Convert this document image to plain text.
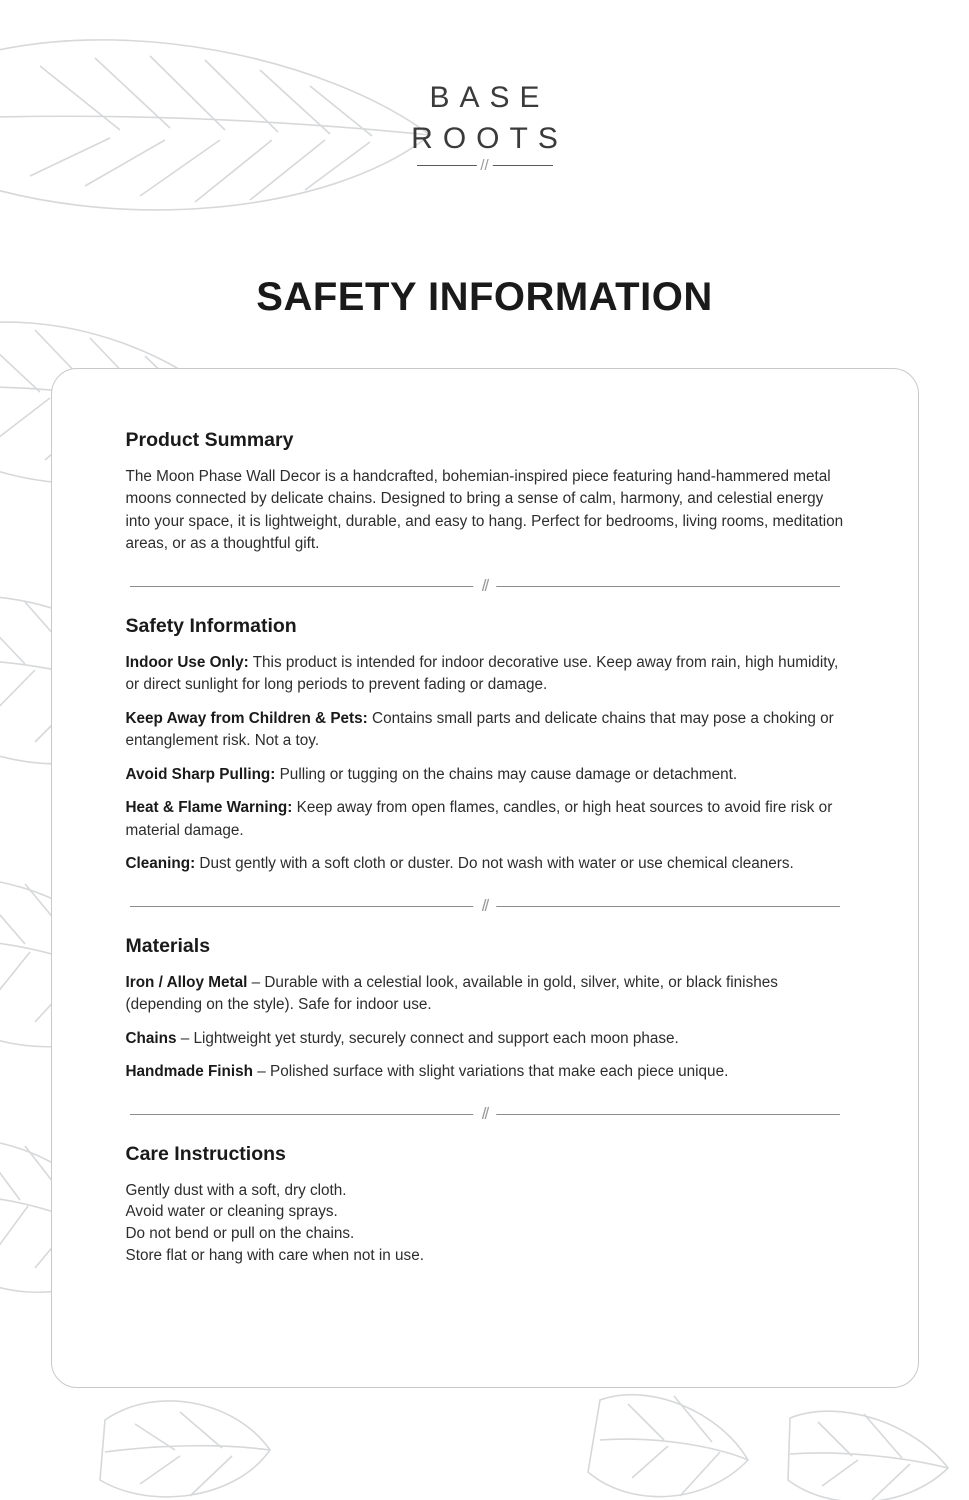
BASE
ROOTS
//
SAFETY INFORMATION
Product Summary

The Moon Phase Wall Decor is a handcrafted, bohemian-inspired piece featuring hand-hammered metal moons connected by delicate chains. Designed to bring a sense of calm, harmony, and celestial energy into your space, it is lightweight, durable, and easy to hang. Perfect for bedrooms, living rooms, meditation areas, or as a thoughtful gift.

//
Safety Information

Indoor Use Only: This product is intended for indoor decorative use. Keep away from rain, high humidity, or direct sunlight for long periods to prevent fading or damage.

Keep Away from Children & Pets: Contains small parts and delicate chains that may pose a choking or entanglement risk. Not a toy.

Avoid Sharp Pulling: Pulling or tugging on the chains may cause damage or detachment.

Heat & Flame Warning: Keep away from open flames, candles, or high heat sources to avoid fire risk or material damage.

Cleaning: Dust gently with a soft cloth or duster. Do not wash with water or use chemical cleaners.

//
Materials

Iron / Alloy Metal – Durable with a celestial look, available in gold, silver, white, or black finishes (depending on the style). Safe for indoor use.

Chains – Lightweight yet sturdy, securely connect and support each moon phase.

Handmade Finish – Polished surface with slight variations that make each piece unique.

//
Care Instructions
Gently dust with a soft, dry cloth.
Avoid water or cleaning sprays.
Do not bend or pull on the chains.
Store flat or hang with care when not in use.
